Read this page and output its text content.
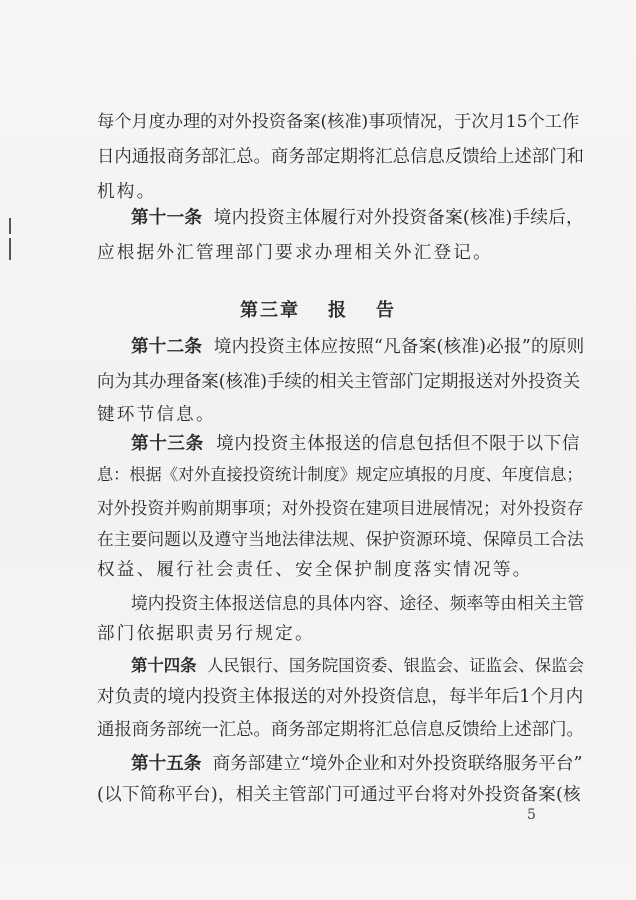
每个月度办理的对外投资备案(核准)事项情况，于次月15个工作
日内通报商务部汇总。商务部定期将汇总信息反馈给上述部门和
机构。
第十一条 境内投资主体履行对外投资备案(核准)手续后，
应根据外汇管理部门要求办理相关外汇登记。
第三章 报 告
第十二条 境内投资主体应按照“凡备案(核准)必报”的原则
向为其办理备案(核准)手续的相关主管部门定期报送对外投资关
键环节信息。
第十三条 境内投资主体报送的信息包括但不限于以下信
息：根据《对外直接投资统计制度》规定应填报的月度、年度信息；
对外投资并购前期事项；对外投资在建项目进展情况；对外投资存
在主要问题以及遵守当地法律法规、保护资源环境、保障员工合法
权益、履行社会责任、安全保护制度落实情况等。
境内投资主体报送信息的具体内容、途径、频率等由相关主管
部门依据职责另行规定。
第十四条 人民银行、国务院国资委、银监会、证监会、保监会
对负责的境内投资主体报送的对外投资信息，每半年后1个月内
通报商务部统一汇总。商务部定期将汇总信息反馈给上述部门。
第十五条 商务部建立“境外企业和对外投资联络服务平台”
(以下简称平台)，相关主管部门可通过平台将对外投资备案(核
5
